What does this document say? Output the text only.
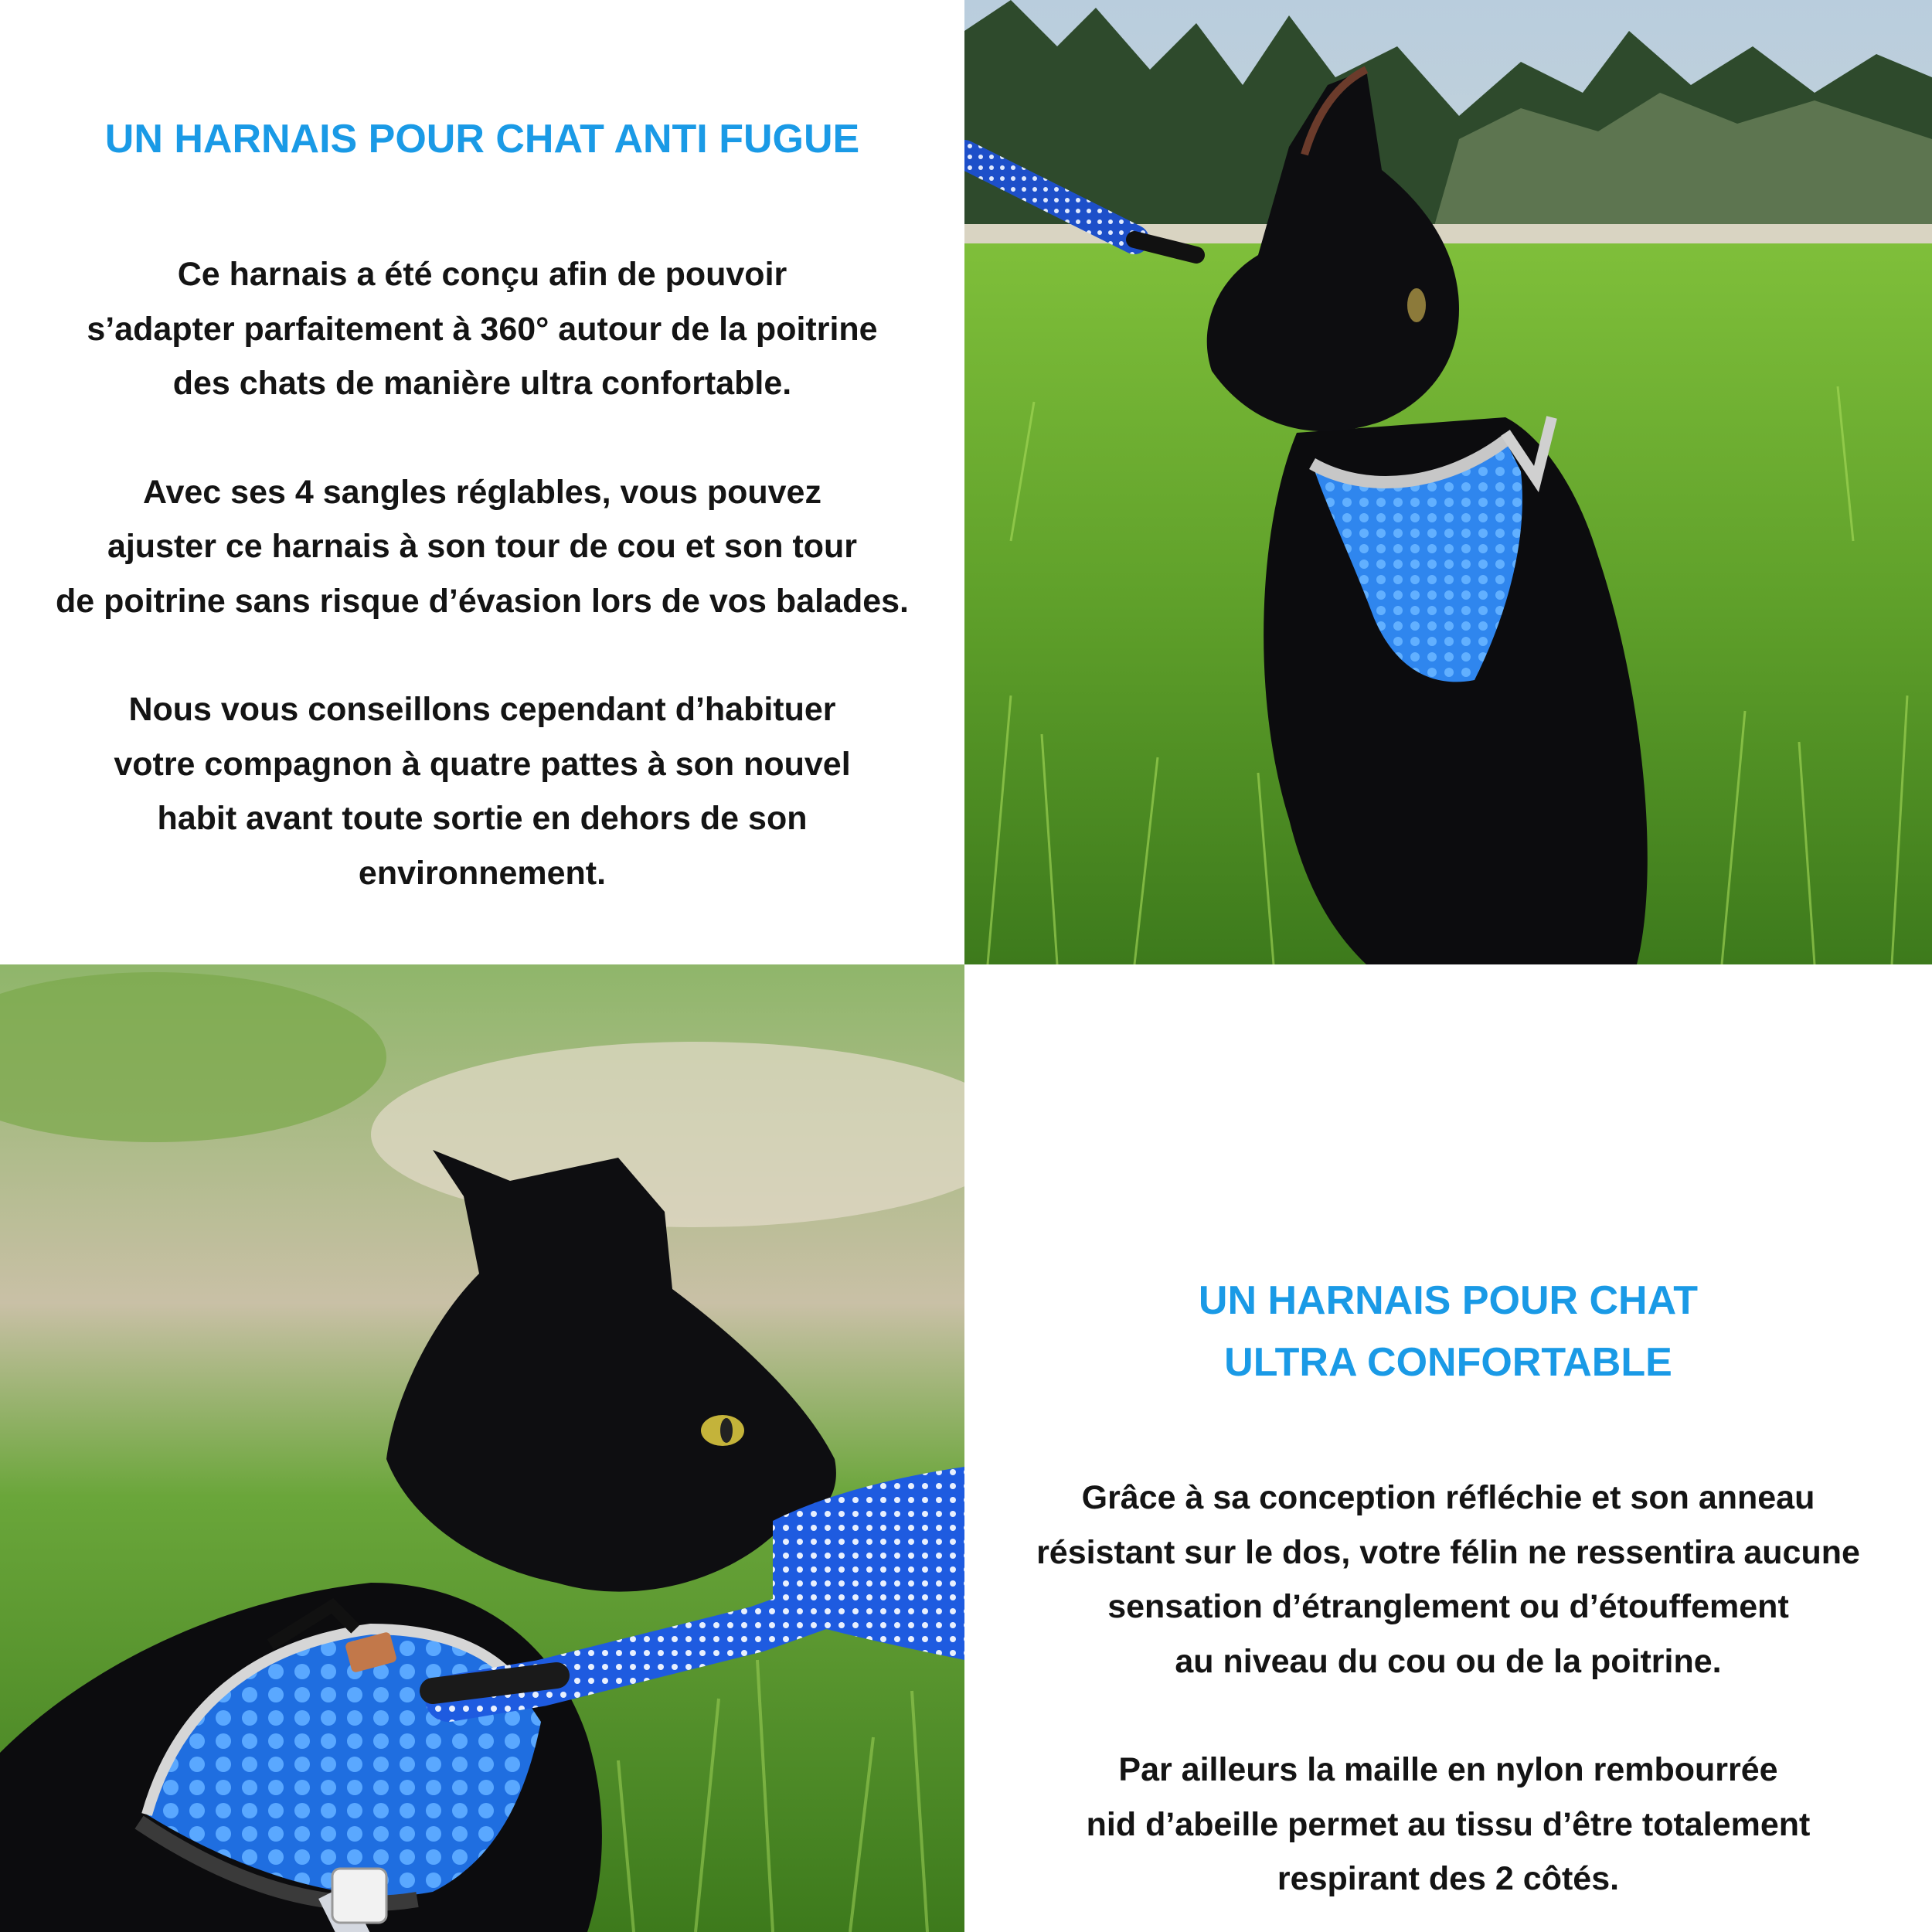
UN HARNAIS POUR CHAT ANTI FUGUE

Ce harnais a été conçu afin de pouvoir
s’adapter parfaitement à 360° autour de la poitrine
des chats de manière ultra confortable.

Avec ses 4 sangles réglables, vous pouvez
ajuster ce harnais à son tour de cou et son tour
de poitrine sans risque d’évasion lors de vos balades.

Nous vous conseillons cependant d’habituer
votre compagnon à quatre pattes à son nouvel
habit avant toute sortie en dehors de son
environnement.

UN HARNAIS POUR CHAT
ULTRA CONFORTABLE

Grâce à sa conception réfléchie et son anneau
résistant sur le dos, votre félin ne ressentira aucune
sensation d’étranglement ou d’étouffement
au niveau du cou ou de la poitrine.

Par ailleurs la maille en nylon rembourrée
nid d’abeille permet au tissu d’être totalement
respirant des 2 côtés.
